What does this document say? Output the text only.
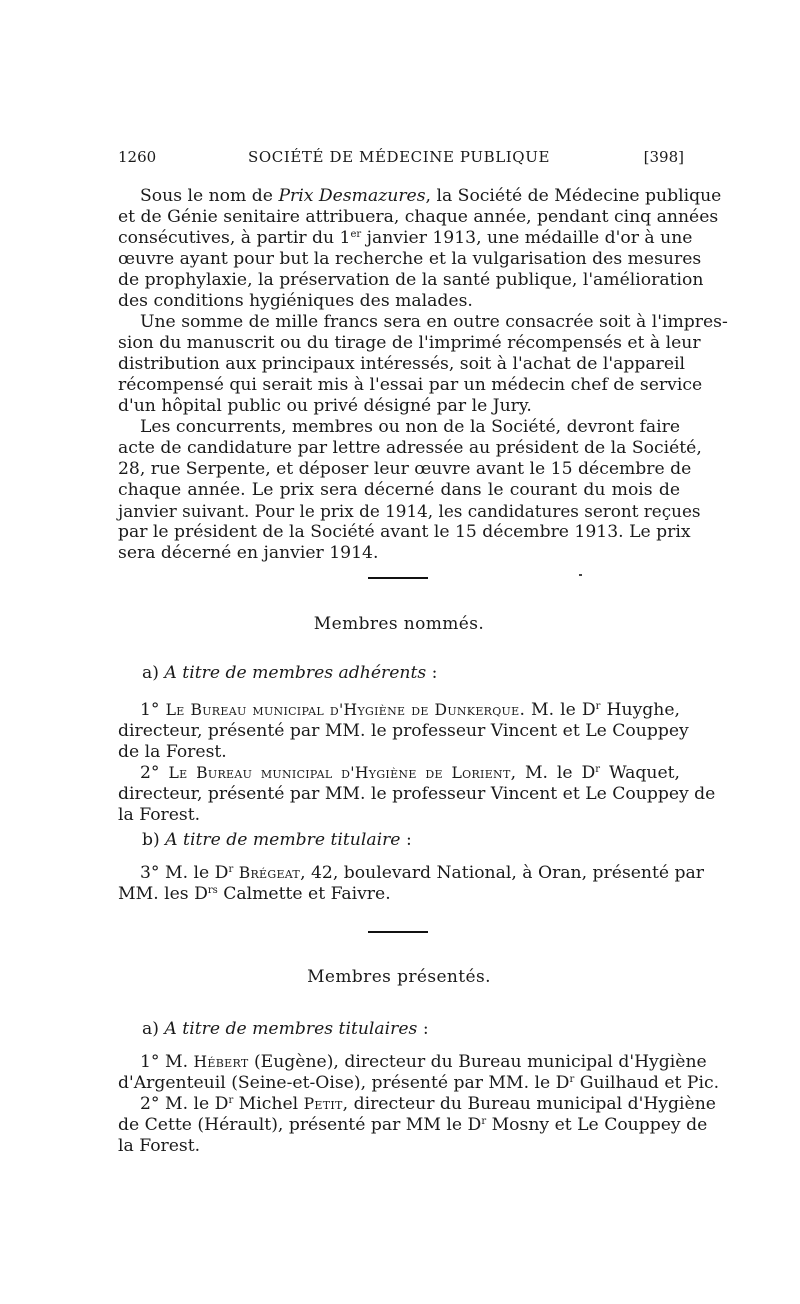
1260	SOCIÉTÉ DE MÉDECINE PUBLIQUE	[398]
Sous le nom de Prix Desmazures, la Société de Médecine publique
et de Génie senitaire attribuera, chaque année, pendant cinq années
consécutives, à partir du 1er janvier 1913, une médaille d'or à une
œuvre ayant pour but la recherche et la vulgarisation des mesures
de prophylaxie, la préservation de la santé publique, l'amélioration
des conditions hygiéniques des malades.
Une somme de mille francs sera en outre consacrée soit à l'impres-
sion du manuscrit ou du tirage de l'imprimé récompensés et à leur
distribution aux principaux intéressés, soit à l'achat de l'appareil
récompensé qui serait mis à l'essai par un médecin chef de service
d'un hôpital public ou privé désigné par le Jury.
Les concurrents, membres ou non de la Société, devront faire
acte de candidature par lettre adressée au président de la Société,
28, rue Serpente, et déposer leur œuvre avant le 15 décembre de
chaque année. Le prix sera décerné dans le courant du mois de
janvier suivant. Pour le prix de 1914, les candidatures seront reçues
par le président de la Société avant le 15 décembre 1913. Le prix
sera décerné en janvier 1914.
Membres nommés.
a) A titre de membres adhérents :
1° Le Bureau municipal d'Hygiène de Dunkerque. M. le $D^r$ Huyghe,
directeur, présenté par MM. le professeur Vincent et Le Couppey
de la Forest.
2° Le Bureau municipal d'Hygiène de Lorient, M. le $D^r$ Waquet,
directeur, présenté par MM. le professeur Vincent et Le Couppey de
la Forest.
b) A titre de membre titulaire :
3° M. le $D^r$ Brégeat, 42, boulevard National, à Oran, présenté par
MM. les $D^{rs}$ Calmette et Faivre.
Membres présentés.
a) A titre de membres titulaires :
1° M. Hébert (Eugène), directeur du Bureau municipal d'Hygiène
d'Argenteuil (Seine-et-Oise), présenté par MM. le $D^r$ Guilhaud et Pic.
2° M. le $D^r$ Michel Petit, directeur du Bureau municipal d'Hygiène
de Cette (Hérault), présenté par MM le $D^r$ Mosny et Le Couppey de
la Forest.
